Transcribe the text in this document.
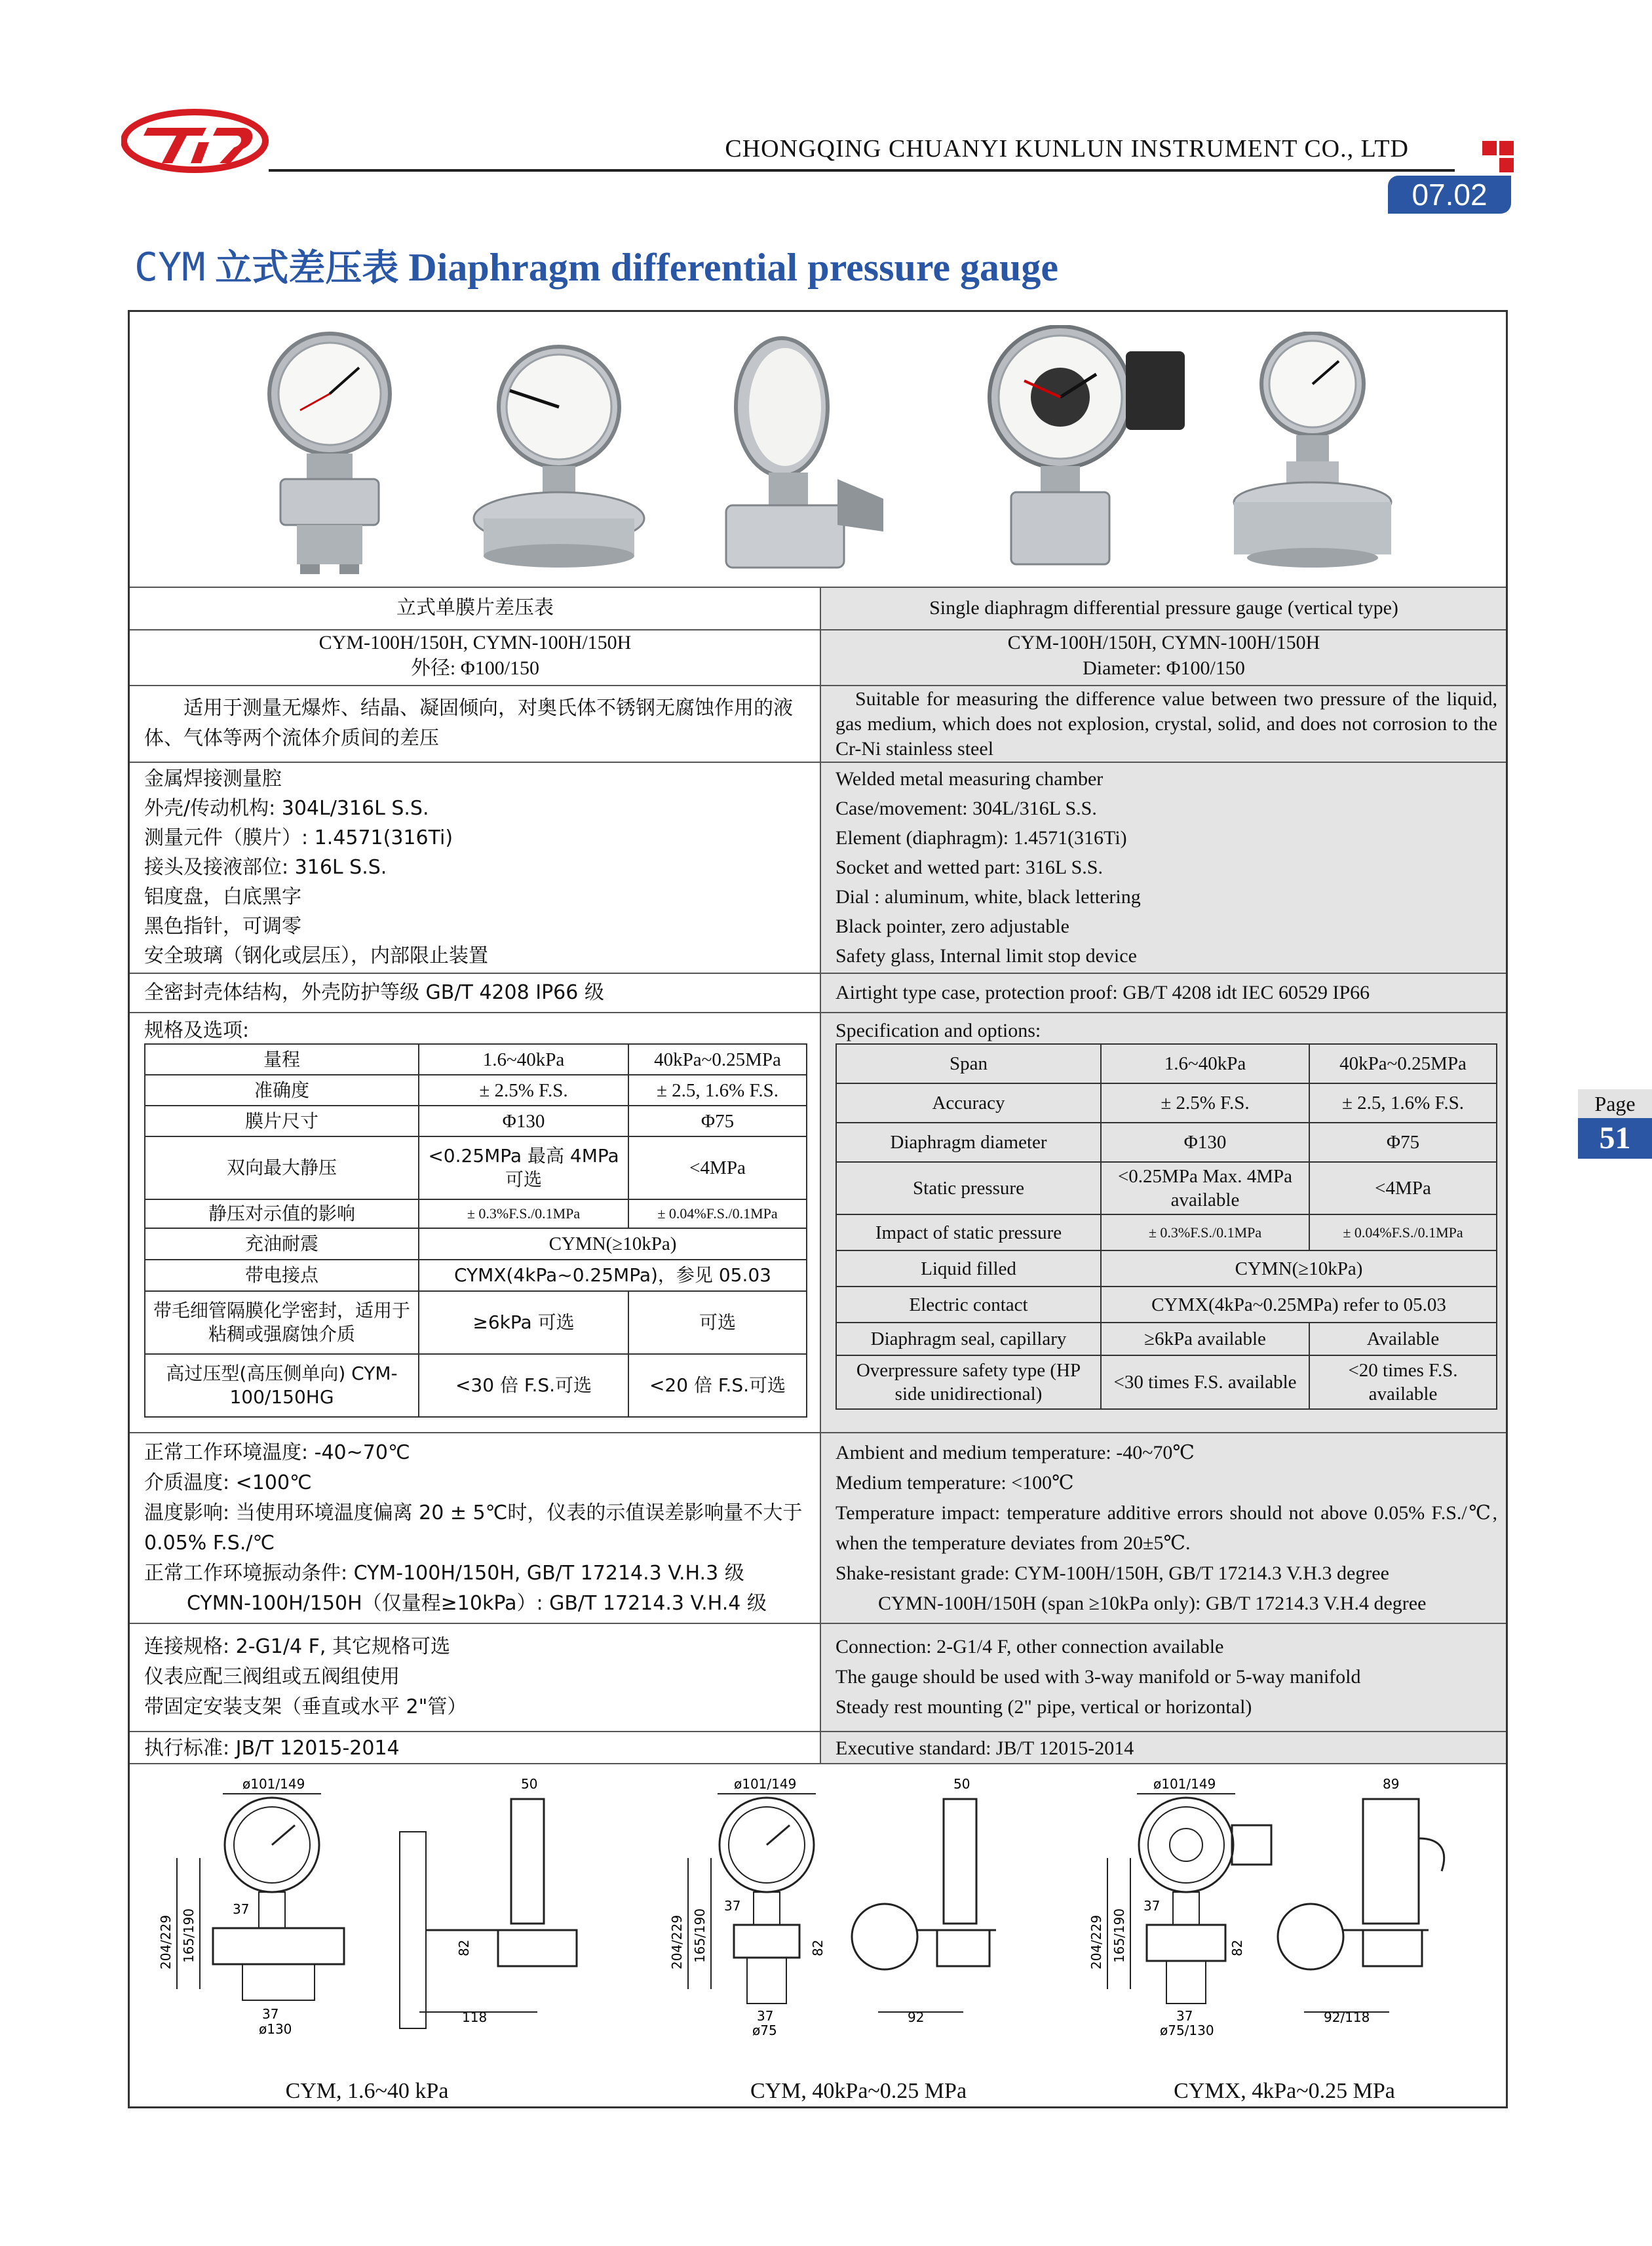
CHONGQING CHUANYI KUNLUN INSTRUMENT CO., LTD
07.02
CYM 立式差压表 Diaphragm differential pressure gauge
Page
51
立式单膜片差压表
CYM-100H/150H, CYMN-100H/150H
外径: Φ100/150
适用于测量无爆炸、结晶、凝固倾向，对奥氏体不锈钢无腐蚀作用的液体、气体等两个流体介质间的差压
金属焊接测量腔
外壳/传动机构: 304L/316L S.S.
测量元件（膜片）: 1.4571(316Ti)
接头及接液部位: 316L S.S.
铝度盘，白底黑字
黑色指针，可调零
安全玻璃（钢化或层压），内部限止装置
全密封壳体结构，外壳防护等级 GB/T 4208 IP66 级
规格及选项:
量程	1.6~40kPa	40kPa~0.25MPa
准确度	± 2.5% F.S.	± 2.5, 1.6% F.S.
膜片尺寸	Φ130	Φ75
双向最大静压	<0.25MPa 最高 4MPa 可选	<4MPa
静压对示值的影响	± 0.3%F.S./0.1MPa	± 0.04%F.S./0.1MPa
充油耐震	CYMN(≥10kPa)	
带电接点	CYMX(4kPa~0.25MPa)，参见 05.03	
带毛细管隔膜化学密封，适用于粘稠或强腐蚀介质	≥6kPa 可选	可选
高过压型(高压侧单向) CYM-100/150HG	<30 倍 F.S.可选	<20 倍 F.S.可选
正常工作环境温度: -40~70℃
介质温度: <100℃
温度影响: 当使用环境温度偏离 20 ± 5℃时，仪表的示值误差影响量不大于 0.05% F.S./℃
正常工作环境振动条件: CYM-100H/150H, GB/T 17214.3 V.H.3 级
CYMN-100H/150H（仅量程≥10kPa）: GB/T 17214.3 V.H.4 级
连接规格: 2-G1/4 F, 其它规格可选
仪表应配三阀组或五阀组使用
带固定安装支架（垂直或水平 2"管）
执行标准: JB/T 12015-2014
Single diaphragm differential pressure gauge (vertical type)
CYM-100H/150H, CYMN-100H/150H
Diameter: Φ100/150
Suitable for measuring the difference value between two pressure of the liquid, gas medium, which does not explosion, crystal, solid, and does not corrosion to the Cr-Ni stainless steel
Welded metal measuring chamber
Case/movement: 304L/316L S.S.
Element (diaphragm): 1.4571(316Ti)
Socket and wetted part: 316L S.S.
Dial : aluminum, white, black lettering
Black pointer, zero adjustable
Safety glass, Internal limit stop device
Airtight type case, protection proof: GB/T 4208 idt IEC 60529 IP66
Specification and options:
Span	1.6~40kPa	40kPa~0.25MPa
Accuracy	± 2.5% F.S.	± 2.5, 1.6% F.S.
Diaphragm diameter	Φ130	Φ75
Static pressure	<0.25MPa Max. 4MPa available	<4MPa
Impact of static pressure	± 0.3%F.S./0.1MPa	± 0.04%F.S./0.1MPa
Liquid filled	CYMN(≥10kPa)	
Electric contact	CYMX(4kPa~0.25MPa) refer to 05.03	
Diaphragm seal, capillary	≥6kPa available	Available
Overpressure safety type (HP side unidirectional)	<30 times F.S. available	<20 times F.S. available
Ambient and medium temperature: -40~70℃
Medium temperature: <100℃
Temperature impact: temperature additive errors should not above 0.05% F.S./℃, when the temperature deviates from 20±5℃.
Shake-resistant grade: CYM-100H/150H, GB/T 17214.3 V.H.3 degree
CYMN-100H/150H (span ≥10kPa only): GB/T 17214.3 V.H.4 degree
Connection: 2-G1/4 F, other connection available
The gauge should be used with 3-way manifold or 5-way manifold
Steady rest mounting (2" pipe, vertical or horizontal)
Executive standard: JB/T 12015-2014
ø101/149
37
37
ø130
204/229 165/190
50
82
118
CYM, 1.6~40 kPa
ø101/149
37
37
ø75
204/229 165/190
50
82
92
CYM, 40kPa~0.25 MPa
ø101/149
37
37
ø75/130
204/229 165/190
89
82
92/118
CYMX, 4kPa~0.25 MPa
